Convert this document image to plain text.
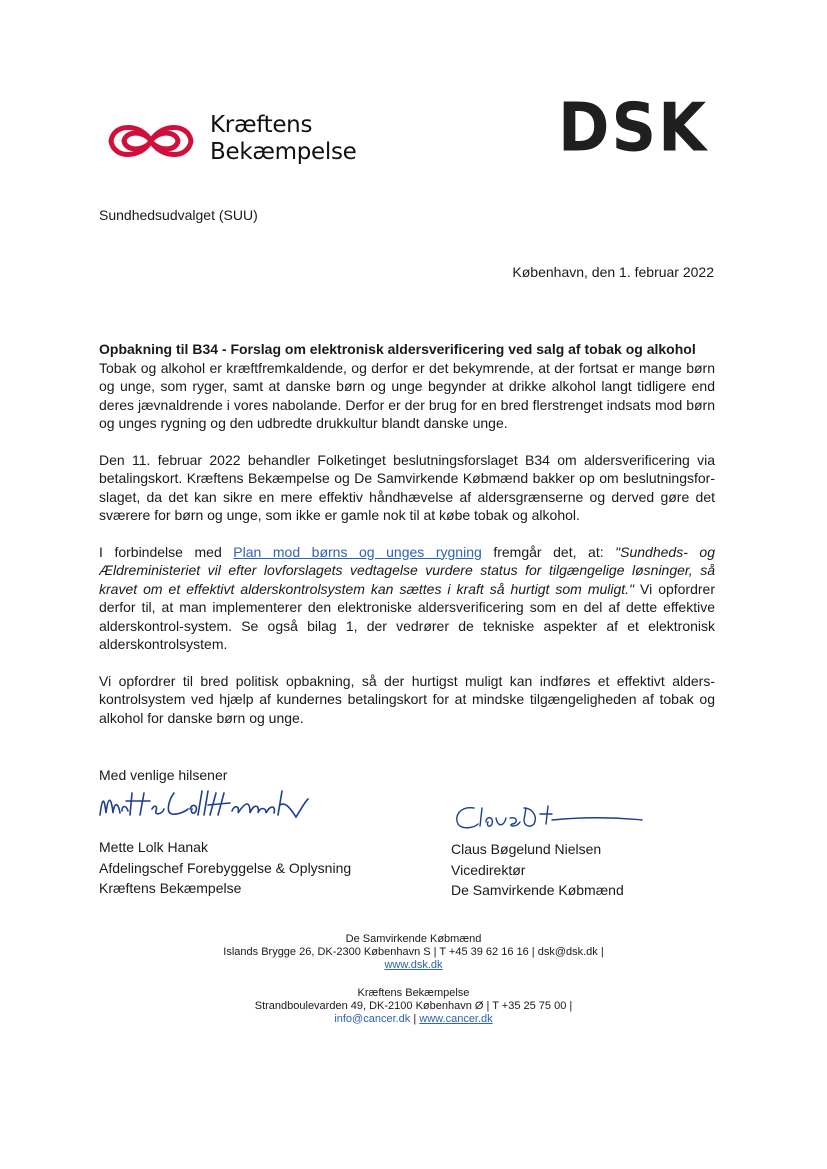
Kræftens
Bekæmpelse	DSK
Sundhedsudvalget (SUU)
København, den 1. februar 2022
Opbakning til B34 - Forslag om elektronisk aldersverificering ved salg af tobak og alkohol

Tobak og alkohol er kræftfremkaldende, og derfor er det bekymrende, at der fortsat er mange børn og unge, som ryger, samt at danske børn og unge begynder at drikke alkohol langt tidligere end deres jævnaldrende i vores nabolande. Derfor er der brug for en bred flerstrenget indsats mod børn og unges rygning og den udbredte drukkultur blandt danske unge.

Den 11. februar 2022 behandler Folketinget beslutningsforslaget B34 om aldersverificering via betalingskort. Kræftens Bekæmpelse og De Samvirkende Købmænd bakker op om beslutningsfor-slaget, da det kan sikre en mere effektiv håndhævelse af aldersgrænserne og derved gøre det sværere for børn og unge, som ikke er gamle nok til at købe tobak og alkohol.

I forbindelse med Plan mod børns og unges rygning fremgår det, at: "Sundheds- og Ældreministeriet vil efter lovforslagets vedtagelse vurdere status for tilgængelige løsninger, så kravet om et effektivt alderskontrolsystem kan sættes i kraft så hurtigt som muligt." Vi opfordrer derfor til, at man implementerer den elektroniske aldersverificering som en del af dette effektive alderskontrol-system. Se også bilag 1, der vedrører de tekniske aspekter af et elektronisk alderskontrolsystem.

Vi opfordrer til bred politisk opbakning, så der hurtigst muligt kan indføres et effektivt alders-kontrolsystem ved hjælp af kundernes betalingskort for at mindske tilgængeligheden af tobak og alkohol for danske børn og unge.

Med venlige hilsener
Mette Lolk Hanak
Afdelingschef Forebyggelse & Oplysning
Kræftens Bekæmpelse
Claus Bøgelund Nielsen
Vicedirektør
De Samvirkende Købmænd
De Samvirkende Købmænd
Islands Brygge 26, DK-2300 København S | T +45 39 62 16 16 | dsk@dsk.dk |
www.dsk.dk
Kræftens Bekæmpelse
Strandboulevarden 49, DK-2100 København Ø | T +35 25 75 00 |
info@cancer.dk | www.cancer.dk
